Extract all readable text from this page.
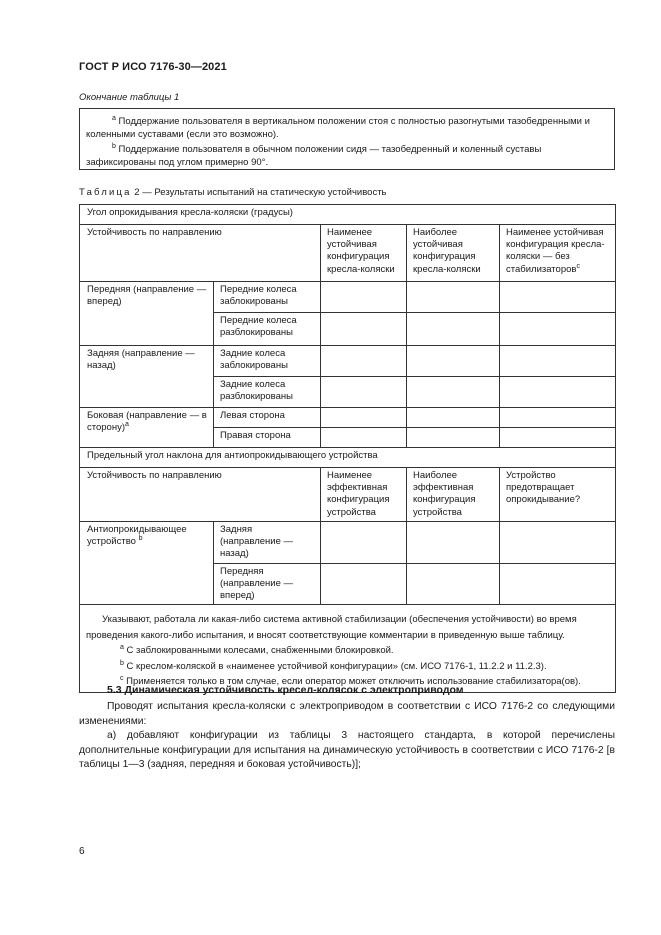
ГОСТ Р ИСО 7176-30—2021
Окончание таблицы 1

$^a$ Поддержание пользователя в вертикальном положении стоя с полностью разогнутыми тазобедренными и коленными суставами (если это возможно).

$^b$ Поддержание пользователя в обычном положении сидя — тазобедренный и коленный суставы зафиксированы под углом примерно 90°.

Таблица 2 — Результаты испытаний на статическую устойчивость
Угол опрокидывания кресла-коляски (градусы)				
Устойчивость по направлению		Наименее устойчивая конфигурация кресла-коляски	Наиболее устойчивая конфигурация кресла-коляски	Наименее устойчивая конфигурация кресла-коляски — без стабилизаторов$^c$
Передняя (направление — вперед)	Передние колеса заблокированы			
	Передние колеса разблокированы			
Задняя (направление — назад)	Задние колеса заблокированы			
	Задние колеса разблокированы			
Боковая (направление — в сторону)$^a$	Левая сторона			
	Правая сторона			
Предельный угол наклона для антиопрокидывающего устройства				
Устойчивость по направлению		Наименее эффективная конфигурация устройства	Наиболее эффективная конфигурация устройства	Устройство предотвращает опрокидывание?
Антиопрокидывающее устройство $^b$	Задняя (направление — назад)			
	Передняя (направление — вперед)			

Указывают, работала ли какая-либо система активной стабилизации (обеспечения устойчивости) во время проведения какого-либо испытания, и вносят соответствующие комментарии в приведенную выше таблицу.

$^a$ С заблокированными колесами, снабженными блокировкой.

$^b$ С креслом-коляской в «наименее устойчивой конфигурации» (см. ИСО 7176-1, 11.2.2 и 11.2.3).

$^c$ Применяется только в том случае, если оператор может отключить использование стабилизатора(ов).				

5.3 Динамическая устойчивость кресел-колясок с электроприводом

Проводят испытания кресла-коляски с электроприводом в соответствии с ИСО 7176-2 со следующими изменениями:

а) добавляют конфигурации из таблицы 3 настоящего стандарта, в которой перечислены дополнительные конфигурации для испытания на динамическую устойчивость в соответствии с ИСО 7176-2 [в таблицы 1—3 (задняя, передняя и боковая устойчивость)];

6
